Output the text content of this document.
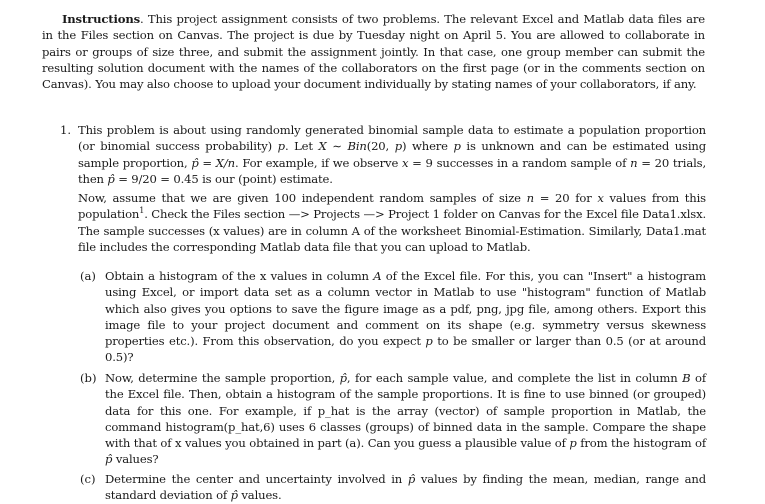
Instructions. This project assignment consists of two problems. The relevant Excel and Matlab data files are in the Files section on Canvas. The project is due by Tuesday night on April 5. You are allowed to collaborate in pairs or groups of size three, and submit the assignment jointly. In that case, one group member can submit the resulting solution document with the names of the collaborators on the first page (or in the comments section on Canvas). You may also choose to upload your document individually by stating names of your collaborators, if any.

1. This problem is about using randomly generated binomial sample data to estimate a population proportion (or binomial success probability) p. Let X ∼ Bin(20, p) where p is unknown and can be estimated using sample proportion, p̂ = X/n. For example, if we observe x = 9 successes in a random sample of n = 20 trials, then p̂ = 9/20 = 0.45 is our (point) estimate.

Now, assume that we are given 100 independent random samples of size n = 20 for x values from this population$^1$. Check the Files section —> Projects —> Project 1 folder on Canvas for the Excel file Data1.xlsx. The sample successes (x values) are in column A of the worksheet Binomial-Estimation. Similarly, Data1.mat file includes the corresponding Matlab data file that you can upload to Matlab.

(a) Obtain a histogram of the x values in column A of the Excel file. For this, you can "Insert" a histogram using Excel, or import data set as a column vector in Matlab to use "histogram" function of Matlab which also gives you options to save the figure image as a pdf, png, jpg file, among others. Export this image file to your project document and comment on its shape (e.g. symmetry versus skewness properties etc.). From this observation, do you expect p to be smaller or larger than 0.5 (or at around 0.5)?

(b) Now, determine the sample proportion, p̂, for each sample value, and complete the list in column B of the Excel file. Then, obtain a histogram of the sample proportions. It is fine to use binned (or grouped) data for this one. For example, if p_hat is the array (vector) of sample proportion in Matlab, the command histogram(p_hat,6) uses 6 classes (groups) of binned data in the sample. Compare the shape with that of x values you obtained in part (a). Can you guess a plausible value of p from the histogram of p̂ values?

(c) Determine the center and uncertainty involved in p̂ values by finding the mean, median, range and standard deviation of p̂ values.
